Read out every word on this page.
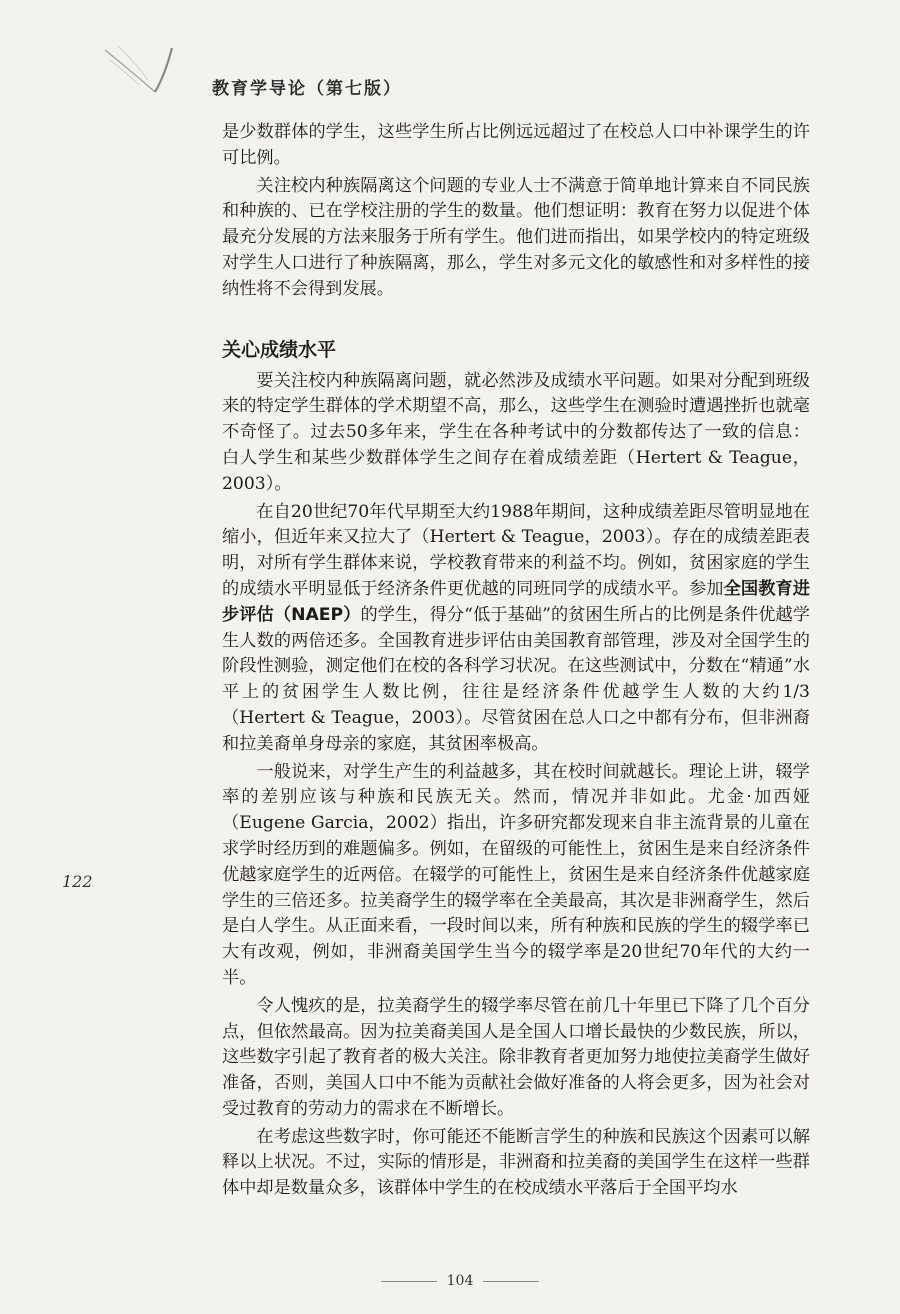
教育学导论（第七版）
122

是少数群体的学生，这些学生所占比例远远超过了在校总人口中补课学生的许可比例。

关注校内种族隔离这个问题的专业人士不满意于简单地计算来自不同民族和种族的、已在学校注册的学生的数量。他们想证明：教育在努力以促进个体最充分发展的方法来服务于所有学生。他们进而指出，如果学校内的特定班级对学生人口进行了种族隔离，那么，学生对多元文化的敏感性和对多样性的接纳性将不会得到发展。

关心成绩水平

要关注校内种族隔离问题，就必然涉及成绩水平问题。如果对分配到班级来的特定学生群体的学术期望不高，那么，这些学生在测验时遭遇挫折也就毫不奇怪了。过去50多年来，学生在各种考试中的分数都传达了一致的信息：白人学生和某些少数群体学生之间存在着成绩差距（Hertert & Teague，2003）。

在自20世纪70年代早期至大约1988年期间，这种成绩差距尽管明显地在缩小，但近年来又拉大了（Hertert & Teague，2003）。存在的成绩差距表明，对所有学生群体来说，学校教育带来的利益不均。例如，贫困家庭的学生的成绩水平明显低于经济条件更优越的同班同学的成绩水平。参加全国教育进步评估（NAEP）的学生，得分“低于基础”的贫困生所占的比例是条件优越学生人数的两倍还多。全国教育进步评估由美国教育部管理，涉及对全国学生的阶段性测验，测定他们在校的各科学习状况。在这些测试中，分数在“精通”水平上的贫困学生人数比例，往往是经济条件优越学生人数的大约1/3（Hertert & Teague，2003）。尽管贫困在总人口之中都有分布，但非洲裔和拉美裔单身母亲的家庭，其贫困率极高。

一般说来，对学生产生的利益越多，其在校时间就越长。理论上讲，辍学率的差别应该与种族和民族无关。然而，情况并非如此。尤金·加西娅（Eugene Garcia，2002）指出，许多研究都发现来自非主流背景的儿童在求学时经历到的难题偏多。例如，在留级的可能性上，贫困生是来自经济条件优越家庭学生的近两倍。在辍学的可能性上，贫困生是来自经济条件优越家庭学生的三倍还多。拉美裔学生的辍学率在全美最高，其次是非洲裔学生，然后是白人学生。从正面来看，一段时间以来，所有种族和民族的学生的辍学率已大有改观，例如，非洲裔美国学生当今的辍学率是20世纪70年代的大约一半。

令人愧疚的是，拉美裔学生的辍学率尽管在前几十年里已下降了几个百分点，但依然最高。因为拉美裔美国人是全国人口增长最快的少数民族，所以，这些数字引起了教育者的极大关注。除非教育者更加努力地使拉美裔学生做好准备，否则，美国人口中不能为贡献社会做好准备的人将会更多，因为社会对受过教育的劳动力的需求在不断增长。

在考虑这些数字时，你可能还不能断言学生的种族和民族这个因素可以解释以上状况。不过，实际的情形是，非洲裔和拉美裔的美国学生在这样一些群体中却是数量众多，该群体中学生的在校成绩水平落后于全国平均水

104
